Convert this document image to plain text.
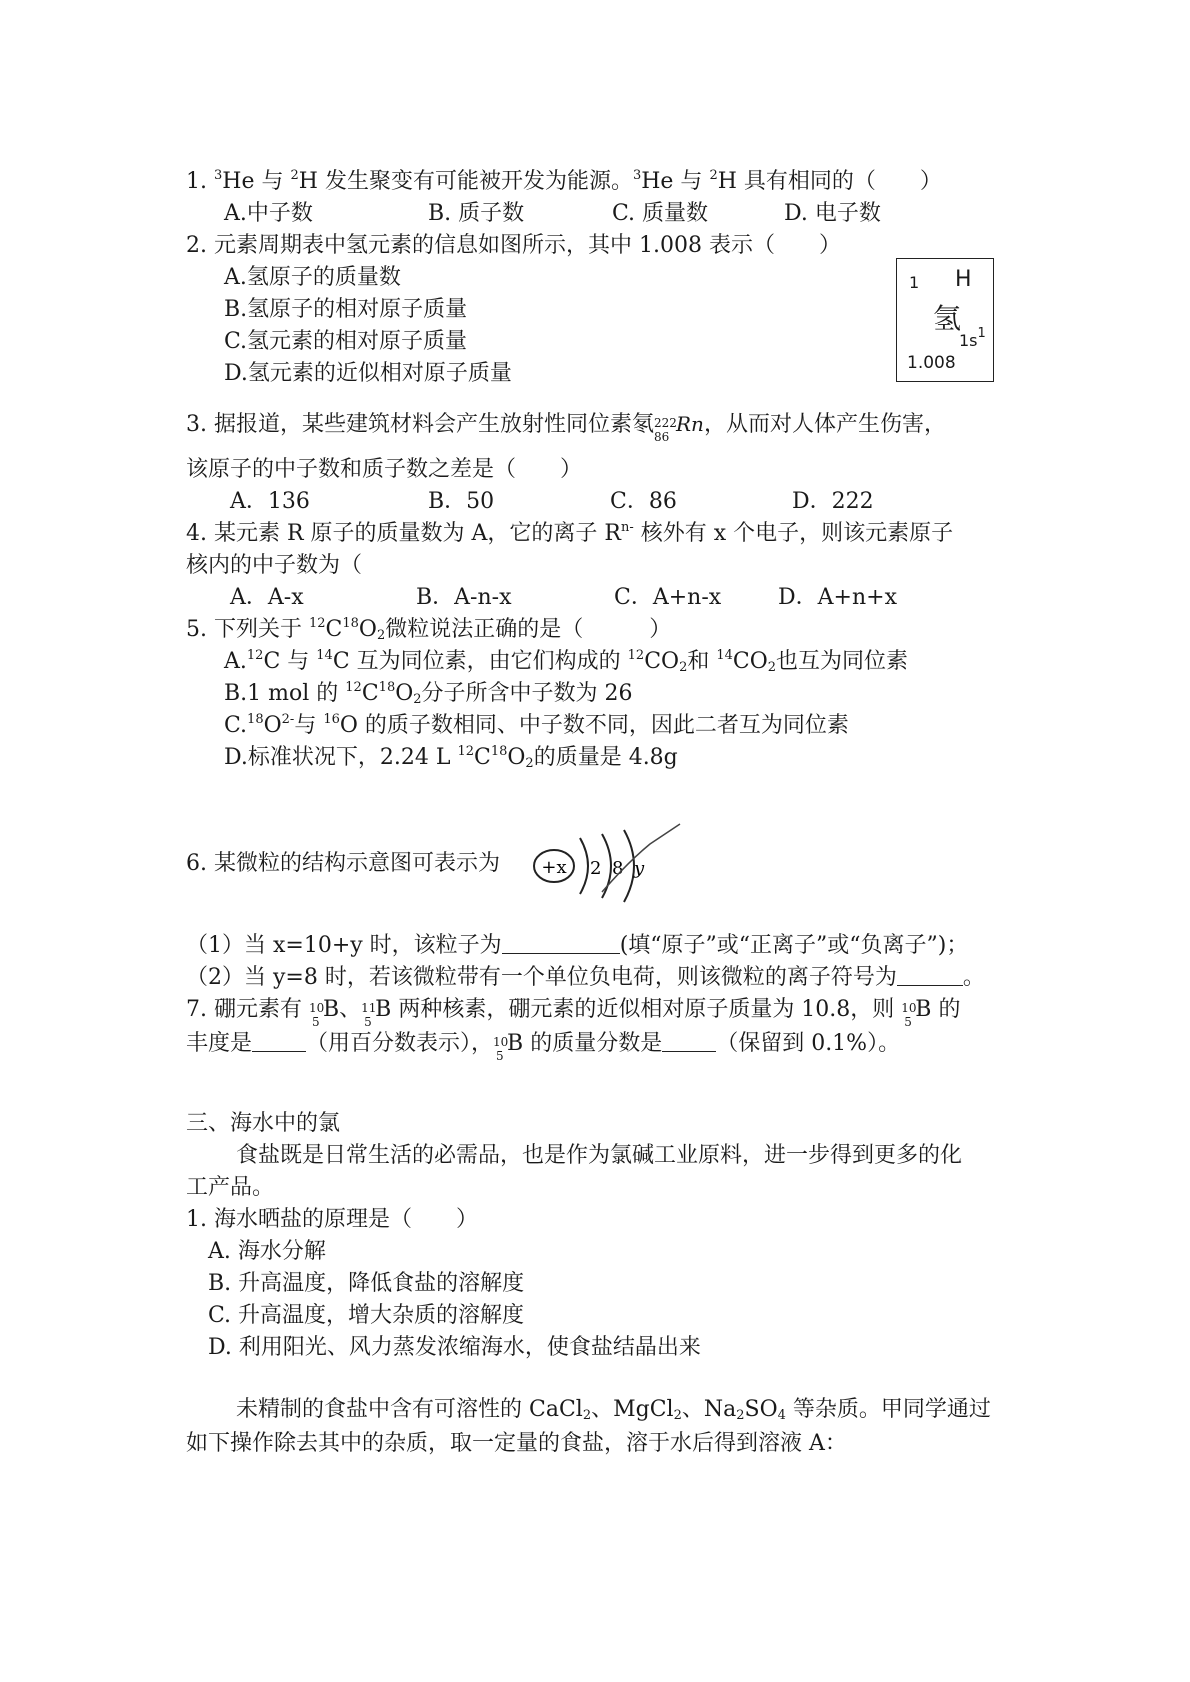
1. $^3$He 与 $^2$H 发生聚变有可能被开发为能源。$^3$He 与 $^2$H 具有相同的（　　）
A.中子数	B. 质子数	C. 质量数	D. 电子数
2. 元素周期表中氢元素的信息如图所示，其中 1.008 表示（　　）
A.氢原子的质量数
B.氢原子的相对原子质量
C.氢元素的相对原子质量
D.氢元素的近似相对原子质量
1 H
氢
$1s^1$
1.008
3. 据报道，某些建筑材料会产生放射性同位素氡 222
86
Rn，从而对人体产生伤害，
该原子的中子数和质子数之差是（　　）
A．136	B．50	C．86	D．222
4. 某元素 R 原子的质量数为 A，它的离子 $R^{n-}$ 核外有 x 个电子，则该元素原子
核内的中子数为（
A．A-x	B．A-n-x	C．A+n-x	D．A+n+x
5. 下列关于 $^{12}C^{18}O_2$微粒说法正确的是（　　　）
A.$^{12}$C 与 $^{14}$C 互为同位素，由它们构成的 $^{12}CO_2$和 $^{14}CO_2$也互为同位素
B.1 mol 的 $^{12}C^{18}O_2$分子所含中子数为 26
$C.^{18}O^{2-}$与 $^{16}$O 的质子数相同、中子数不同，因此二者互为同位素
D.标准状况下，2.24 L $^{12}C^{18}O_2$的质量是 4.8g
6. 某微粒的结构示意图可表示为 +x 2 8 y
（1）当 x=10+y 时，该粒子为	(填“原子”或“正离子”或“负离子”)；
（2）当 y=8 时，若该微粒带有一个单位负电荷，则该微粒的离子符号为	。
7. 硼元素有 10
5 B、 11
5 B 两种核素，硼元素的近似相对原子质量为 10.8，则 10
5 B 的
丰度是 （用百分数表示）， 10
5 B 的质量分数是 （保留到 0.1%）。
三、海水中的氯
食盐既是日常生活的必需品，也是作为氯碱工业原料，进一步得到更多的化
工产品。
1. 海水晒盐的原理是（　　）
A. 海水分解
B. 升高温度，降低食盐的溶解度
C. 升高温度，增大杂质的溶解度
D. 利用阳光、风力蒸发浓缩海水，使食盐结晶出来
未精制的食盐中含有可溶性的 CaCl$_2$、MgCl$_2$、$Na_2SO_4$ 等杂质。甲同学通过
如下操作除去其中的杂质，取一定量的食盐，溶于水后得到溶液 A：
